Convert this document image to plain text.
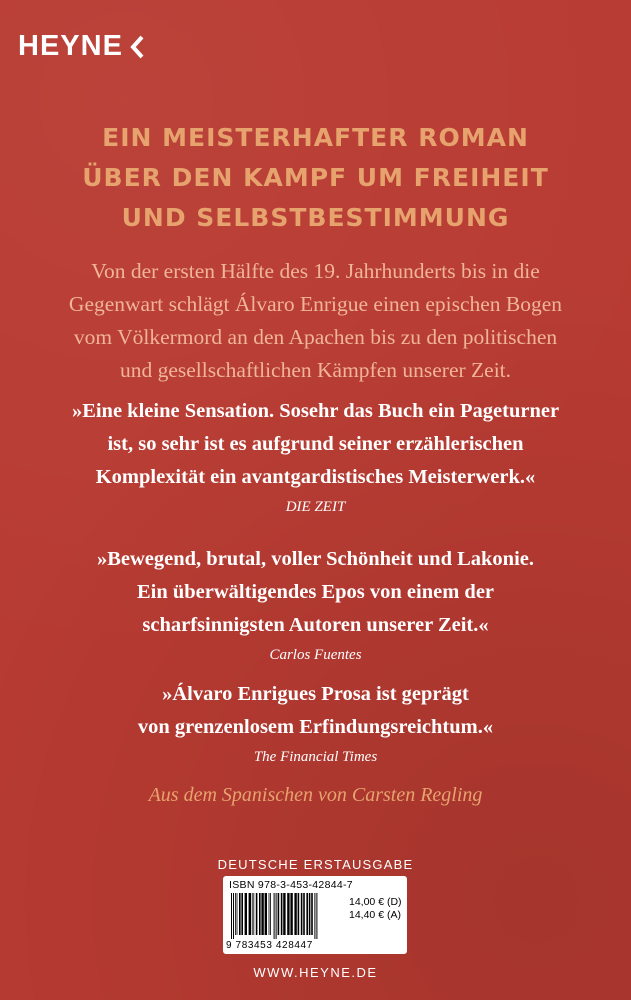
HEYNE
EIN MEISTERHAFTER ROMAN
ÜBER DEN KAMPF UM FREIHEIT
UND SELBSTBESTIMMUNG
Von der ersten Hälfte des 19. Jahrhunderts bis in die
Gegenwart schlägt Álvaro Enrigue einen epischen Bogen
vom Völkermord an den Apachen bis zu den politischen
und gesellschaftlichen Kämpfen unserer Zeit.
»Eine kleine Sensation. Sosehr das Buch ein Pageturner
ist, so sehr ist es aufgrund seiner erzählerischen
Komplexität ein avantgardistisches Meisterwerk.«
DIE ZEIT
»Bewegend, brutal, voller Schönheit und Lakonie.
Ein überwältigendes Epos von einem der
scharfsinnigsten Autoren unserer Zeit.«
Carlos Fuentes
»Álvaro Enrigues Prosa ist geprägt
von grenzenlosem Erfindungsreichtum.«
The Financial Times
Aus dem Spanischen von Carsten Regling
DEUTSCHE ERSTAUSGABE
ISBN 978-3-453-42844-7
9 783453 428447
14,00 € (D)
14,40 € (A)
WWW.HEYNE.DE
